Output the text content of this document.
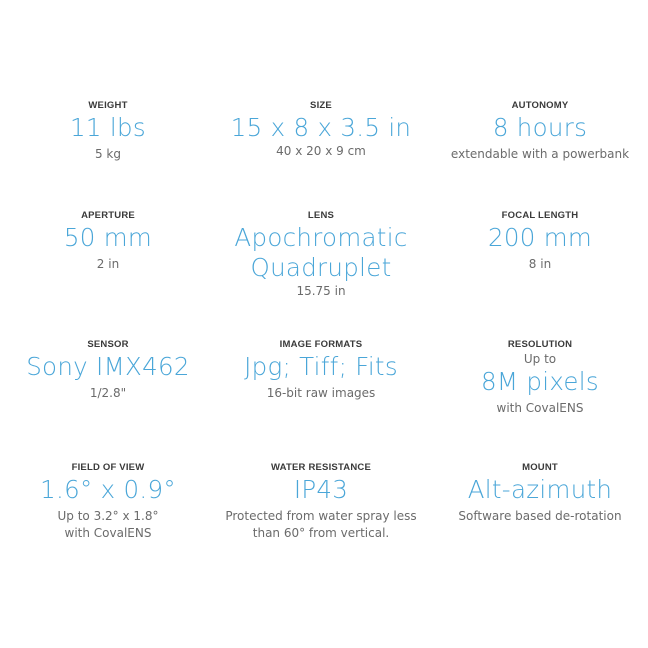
WEIGHT
11 lbs
5 kg
SIZE
15 x 8 x 3.5 in
40 x 20 x 9 cm
AUTONOMY
8 hours
extendable with a powerbank
APERTURE
50 mm
2 in
LENS
Apochromatic
Quadruplet
15.75 in
FOCAL LENGTH
200 mm
8 in
SENSOR
Sony IMX462
1/2.8"
IMAGE FORMATS
Jpg; Tiff; Fits
16-bit raw images
RESOLUTION
Up to
8M pixels
with CovalENS
FIELD OF VIEW
1.6° x 0.9°
Up to 3.2° x 1.8°
with CovalENS
WATER RESISTANCE
IP43
Protected from water spray less
than 60° from vertical.
MOUNT
Alt-azimuth
Software based de-rotation
